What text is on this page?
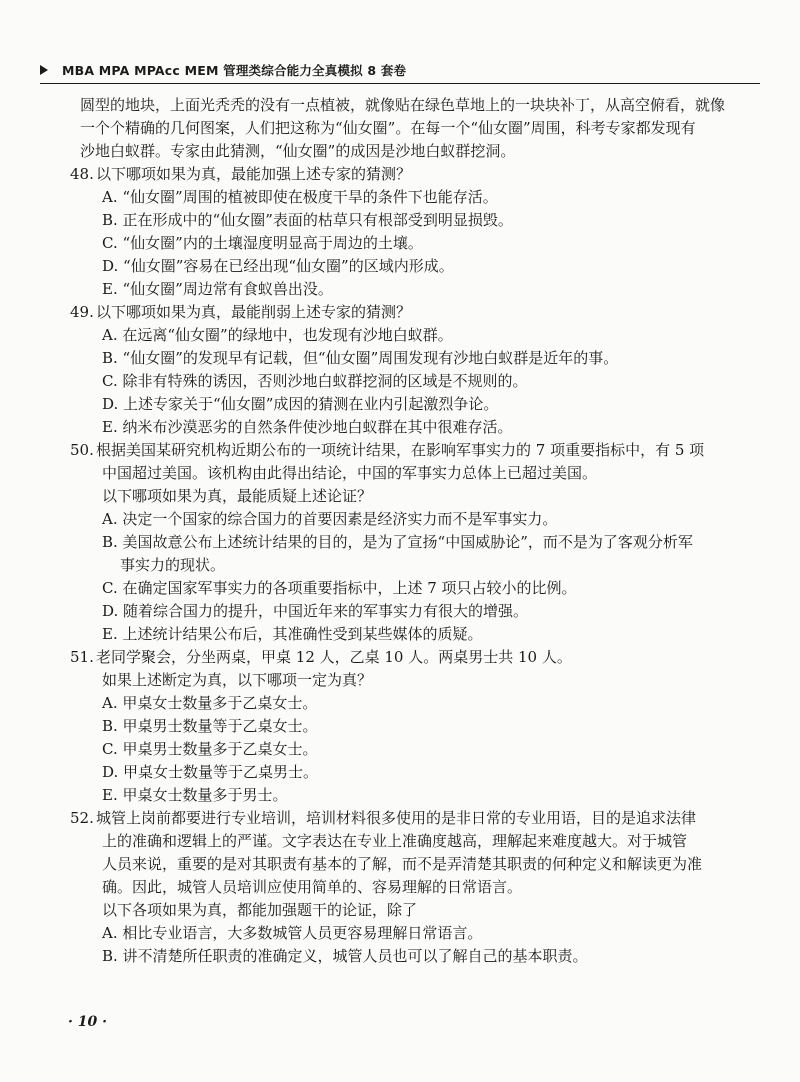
MBA MPA MPAcc MEM 管理类综合能力全真模拟 8 套卷
圆型的地块，上面光秃秃的没有一点植被，就像贴在绿色草地上的一块块补丁，从高空俯看，就像
一个个精确的几何图案，人们把这称为“仙女圈”。在每一个“仙女圈”周围，科考专家都发现有
沙地白蚁群。专家由此猜测，“仙女圈”的成因是沙地白蚁群挖洞。
48. 以下哪项如果为真，最能加强上述专家的猜测？
A. “仙女圈”周围的植被即使在极度干旱的条件下也能存活。
B. 正在形成中的“仙女圈”表面的枯草只有根部受到明显损毁。
C. “仙女圈”内的土壤湿度明显高于周边的土壤。
D. “仙女圈”容易在已经出现“仙女圈”的区域内形成。
E. “仙女圈”周边常有食蚁兽出没。
49. 以下哪项如果为真，最能削弱上述专家的猜测？
A. 在远离“仙女圈”的绿地中，也发现有沙地白蚁群。
B. “仙女圈”的发现早有记载，但“仙女圈”周围发现有沙地白蚁群是近年的事。
C. 除非有特殊的诱因，否则沙地白蚁群挖洞的区域是不规则的。
D. 上述专家关于“仙女圈”成因的猜测在业内引起激烈争论。
E. 纳米布沙漠恶劣的自然条件使沙地白蚁群在其中很难存活。
50. 根据美国某研究机构近期公布的一项统计结果，在影响军事实力的 7 项重要指标中，有 5 项
中国超过美国。该机构由此得出结论，中国的军事实力总体上已超过美国。
以下哪项如果为真，最能质疑上述论证？
A. 决定一个国家的综合国力的首要因素是经济实力而不是军事实力。
B. 美国故意公布上述统计结果的目的，是为了宣扬“中国威胁论”，而不是为了客观分析军
事实力的现状。
C. 在确定国家军事实力的各项重要指标中，上述 7 项只占较小的比例。
D. 随着综合国力的提升，中国近年来的军事实力有很大的增强。
E. 上述统计结果公布后，其准确性受到某些媒体的质疑。
51. 老同学聚会，分坐两桌，甲桌 12 人，乙桌 10 人。两桌男士共 10 人。
如果上述断定为真，以下哪项一定为真？
A. 甲桌女士数量多于乙桌女士。
B. 甲桌男士数量等于乙桌女士。
C. 甲桌男士数量多于乙桌女士。
D. 甲桌女士数量等于乙桌男士。
E. 甲桌女士数量多于男士。
52. 城管上岗前都要进行专业培训，培训材料很多使用的是非日常的专业用语，目的是追求法律
上的准确和逻辑上的严谨。文字表达在专业上准确度越高，理解起来难度越大。对于城管
人员来说，重要的是对其职责有基本的了解，而不是弄清楚其职责的何种定义和解读更为准
确。因此，城管人员培训应使用简单的、容易理解的日常语言。
以下各项如果为真，都能加强题干的论证，除了
A. 相比专业语言，大多数城管人员更容易理解日常语言。
B. 讲不清楚所任职责的准确定义，城管人员也可以了解自己的基本职责。
· 10 ·
